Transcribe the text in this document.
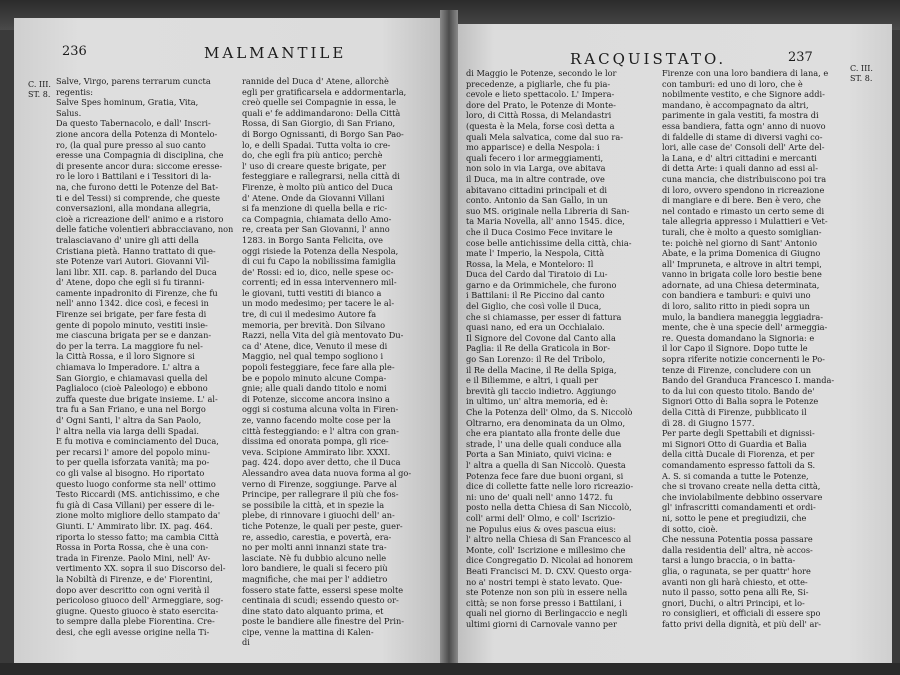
236	MALMANTILE
C. III.
ST. 8.
Salve, Virgo, parens terrarum cuncta
regentis:
Salve Spes hominum, Gratia, Vita,
Salus.
Da questo Tabernacolo, e dall' Inscri-
zione ancora della Potenza di Montelo-
ro, (la qual pure presso al suo canto
eresse una Compagnia di disciplina, che
di presente ancor dura: siccome eresse-
ro le loro i Battilani e i Tessitori di la-
na, che furono detti le Potenze del Bat-
ti e del Tessi) si comprende, che queste
conversazioni, alla mondana allegria,
cioè a ricreazione dell' animo e a ristoro
delle fatiche volentieri abbracciavano, non
tralasciavano d' unire gli atti della
Cristiana pietà. Hanno trattato di que-
ste Potenze vari Autori. Giovanni Vil-
lani libr. XII. cap. 8. parlando del Duca
d' Atene, dopo che egli si fu tiranni-
camente inpadronito di Firenze, che fu
nell' anno 1342. dice così, e fecesi in
Firenze sei brigate, per fare festa di
gente di popolo minuto, vestiti insie-
me ciascuna brigata per se e danzan-
do per la terra. La maggiore fu nel-
la Città Rossa, e il loro Signore si
chiamava lo Imperadore. L' altra a
San Giorgio, e chiamavasi quella del
Paglialoco (cioè Paleologo) e ebbono
zuffa queste due brigate insieme. L' al-
tra fu a San Friano, e una nel Borgo
d' Ogni Santi, l' altra da San Paolo,
l' altra nella via larga delli Spadai.
E fu motiva e cominciamento del Duca,
per recarsi l' amore del popolo minu-
to per quella isforzata vanità; ma po-
co gli valse al bisogno. Ho riportato
questo luogo conforme sta nell' ottimo
Testo Riccardi (MS. antichissimo, e che
fu già di Casa Villani) per essere di le-
zione molto migliore dello stampato da'
Giunti. L' Ammirato libr. IX. pag. 464.
riporta lo stesso fatto; ma cambia Città
Rossa in Porta Rossa, che è una con-
trada in Firenze. Paolo Mini, nell' Av-
vertimento XX. sopra il suo Discorso del-
la Nobiltà di Firenze, e de' Fiorentini,
dopo aver descritto con ogni verità il
pericoloso giuoco dell' Armeggiare, sog-
giugne. Questo giuoco è stato esercita-
to sempre dalla plebe Fiorentina. Cre-
desi, che egli avesse origine nella Ti-
rannide del Duca d' Atene, allorchè
egli per gratificarsela e addormentarla,
creò quelle sei Compagnie in essa, le
quali e' fe addimandarono: Della Città
Rossa, di San Giorgio, di San Friano,
di Borgo Ognissanti, di Borgo San Pao-
lo, e delli Spadai. Tutta volta io cre-
do, che egli fra più antico; perchè
l' uso di creare queste brigate, per
festeggiare e rallegrarsi, nella città di
Firenze, è molto più antico del Duca
d' Atene. Onde da Giovanni Villani
si fa menzione di quella bella e ric-
ca Compagnia, chiamata dello Amo-
re, creata per San Giovanni, l' anno
1283. in Borgo Santa Felicita, ove
oggi risiede la Potenza della Nespola,
di cui fu Capo la nobilissima famiglia
de' Rossi: ed io, dico, nelle spese oc-
correnti; ed in essa intervennero mil-
le giovani, tutti vestiti di bianco a
un modo medesimo; per tacere le al-
tre, di cui il medesimo Autore fa
memoria, per brevità. Don Silvano
Razzi, nella Vita del già mentovato Du-
ca d' Atene, dice, Venuto il mese di
Maggio, nel qual tempo sogliono i
popoli festeggiare, fece fare alla ple-
be e popolo minuto alcune Compa-
gnie; alle quali dando titolo e nomi
di Potenze, siccome ancora insino a
oggi si costuma alcuna volta in Firen-
ze, vanno facendo molte cose per la
città festeggiando: e l' altra con gran-
dissima ed onorata pompa, gli rice-
veva. Scipione Ammirato libr. XXXI.
pag. 424. dopo aver detto, che il Duca
Alessandro avea data nuova forma al go-
verno di Firenze, soggiunge. Parve al
Principe, per rallegrare il più che fos-
se possibile la città, et in spezie la
plebe, di rinnovare i giuochi dell' an-
tiche Potenze, le quali per peste, guer-
re, assedio, carestia, e povertà, era-
no per molti anni innanzi state tra-
lasciate. Nè fu dubbio alcuno nelle
loro bandiere, le quali si fecero più
magnifiche, che mai per l' addietro
fossero state fatte, essersi spese molte
centinaia di scudi; essendo questo or-
dine stato dato alquanto prima, et
poste le bandiere alle finestre del Prin-
cipe, venne la mattina di Kalen-
di
RACQUISTATO.	237
C. III.
ST. 8.
di Maggio le Potenze, secondo le lor
precedenze, a pigliarle, che fu pia-
cevole e lieto spettacolo. L' Impera-
dore del Prato, le Potenze di Monte-
loro, di Città Rossa, di Melandastri
(questa è la Mela, forse così detta a
quali Mela salvatica, come dal suo ra-
mo apparisce) e della Nespola: i
quali fecero i lor armeggiamenti,
non solo in via Larga, ove abitava
il Duca, ma in altre contrade, ove
abitavano cittadini principali et di
conto. Antonio da San Gallo, in un
suo MS. originale nella Libreria di San-
ta Maria Novella, all' anno 1545. dice,
che il Duca Cosimo Fece invitare le
cose belle antichissime della città, chia-
mate l' Imperio, la Nespola, Città
Rossa, la Mela, e Monteloro: Il
Duca del Cardo dal Tiratoio di Lu-
garno e da Orimmichele, che furono
i Battilani: il Re Piccino dal canto
del Giglio, che così volle il Duca,
che si chiamasse, per esser di fattura
quasi nano, ed era un Occhialaio.
Il Signore del Covone dal Canto alla
Paglia: il Re della Graticola in Bor-
go San Lorenzo: il Re del Tribolo,
il Re della Macine, il Re della Spiga,
e il Biliemme, e altri, i quali per
brevità gli taccio indietro. Aggiungo
in ultimo, un' altra memoria, ed è:
Che la Potenza dell' Olmo, da S. Niccolò
Oltrarno, era denominata da un Olmo,
che era piantato alla fronte delle due
strade, l' una delle quali conduce alla
Porta a San Miniato, quivi vicina: e
l' altra a quella di San Niccolò. Questa
Potenza fece fare due buoni organi, si
dice di collette fatte nelle loro ricreazio-
ni: uno de' quali nell' anno 1472. fu
posto nella detta Chiesa di San Niccolò,
coll' armi dell' Olmo, e coll' Iscrizio-
ne Populus eius & oves pascua eius:
l' altro nella Chiesa di San Francesco al
Monte, coll' Iscrizione e millesimo che
dice Congregatio D. Nicolai ad honorem
Beati Francisci M. D. CXV. Questo orga-
no a' nostri tempi è stato levato. Que-
ste Potenze non son più in essere nella
città; se non forse presso i Battilani, i
quali nel giorno di Berlingaccio e negli
ultimi giorni di Carnovale vanno per
Firenze con una loro bandiera di lana, e
con tamburi: ed uno di loro, che è
nobilmente vestito, e che Signore addi-
mandano, è accompagnato da altri,
parimente in gala vestiti, fa mostra di
essa bandiera, fatta ogn' anno di nuovo
di faldelle di stame di diversi vaghi co-
lori, alle case de' Consoli dell' Arte del-
la Lana, e d' altri cittadini e mercanti
di detta Arte: i quali danno ad essi al-
cuna mancia, che distribuiscono poi tra
di loro, ovvero spendono in ricreazione
di mangiare e di bere. Ben è vero, che
nel contado e rimasto un certo seme di
tale allegria appresso i Mulattieri e Vet-
turali, che è molto a questo somiglian-
te: poichè nel giorno di Sant' Antonio
Abate, e la prima Domenica di Giugno
all' Impruneta, e altrove in altri tempi,
vanno in brigata colle loro bestie bene
adornate, ad una Chiesa determinata,
con bandiera e tamburi: e quivi uno
di loro, salito ritto in piedi sopra un
mulo, la bandiera maneggia leggiadra-
mente, che è una specie dell' armeggia-
re. Questa domandano la Signoria: e
il lor Capo il Signore. Dopo tutte le
sopra riferite notizie concernenti le Po-
tenze di Firenze, concludere con un
Bando del Granduca Francesco I. manda-
to da lui con questo titolo. Bando de'
Signori Otto di Balia sopra le Potenze
della Città di Firenze, pubblicato il
dì 28. di Giugno 1577.
Per parte degli Spettabili et dignissi-
mi Signori Otto di Guardia et Balìa
della città Ducale di Fiorenza, et per
comandamento espresso fattoli da S.
A. S. si comanda a tutte le Potenze,
che si trovano create nella detta città,
che inviolabilmente debbino osservare
gl' infrascritti comandamenti et ordi-
ni, sotto le pene et pregiudizii, che
di sotto, cioè.
Che nessuna Potentia possa passare
dalla residentia dell' altra, nè accos-
tarsi a lungo braccia, o in batta-
glia, o ragunata, se per quattr' hore
avanti non gli harà chiesto, et otte-
nuto il passo, sotto pena alli Re, Si-
gnori, Duchi, o altri Principi, et lo-
ro consiglieri, et officiali di essere spo
fatto privi della dignità, et più dell' ar-
